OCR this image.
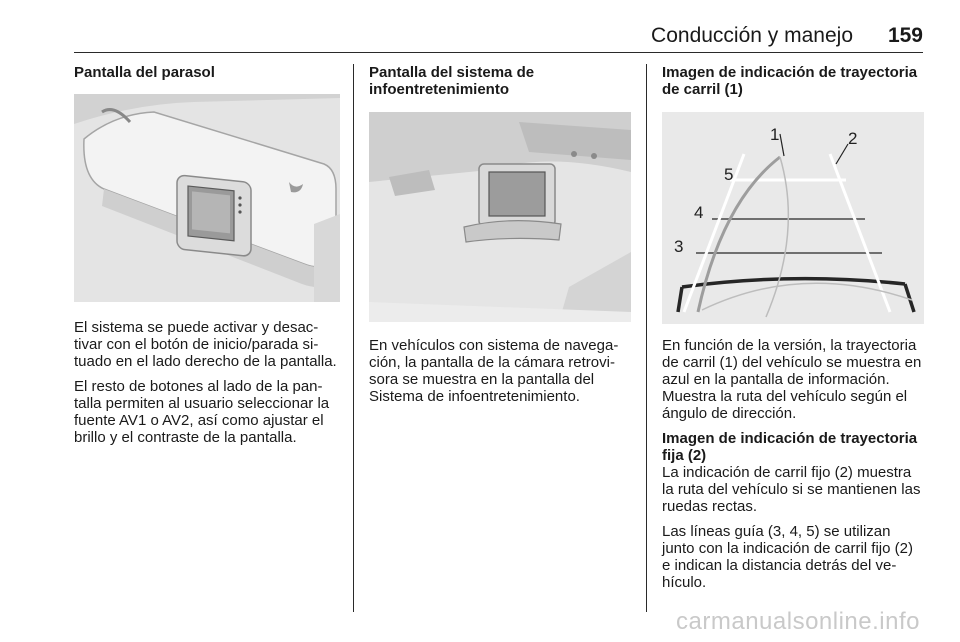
Conducción y manejo 159
Pantalla del parasol

El sistema se puede activar y desactivar con el botón de inicio/parada situado en el lado derecho de la pantalla.

El resto de botones al lado de la pantalla permiten al usuario seleccionar la fuente AV1 o AV2, así como ajustar el brillo y el contraste de la pantalla.

Pantalla del sistema de infoentretenimiento

En vehículos con sistema de navegación, la pantalla de la cámara retrovisora se muestra en la pantalla del Sistema de infoentretenimiento.

Imagen de indicación de trayectoria de carril (1)
1	2
3
4
5

En función de la versión, la trayectoria de carril (1) del vehículo se muestra en azul en la pantalla de información. Muestra la ruta del vehículo según el ángulo de dirección.

Imagen de indicación de trayectoria fija (2)

La indicación de carril fijo (2) muestra la ruta del vehículo si se mantienen las ruedas rectas.

Las líneas guía (3, 4, 5) se utilizan junto con la indicación de carril fijo (2) e indican la distancia detrás del vehículo.

carmanualsonline.info
